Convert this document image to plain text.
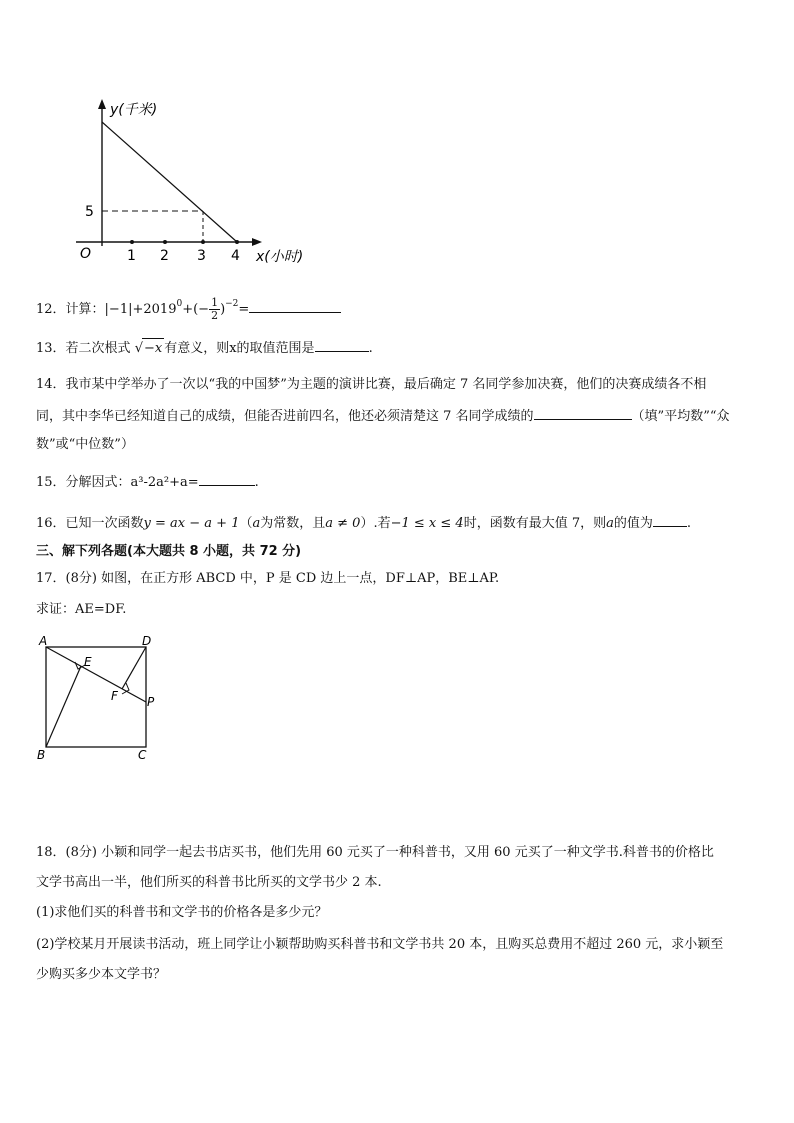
y(千米)
x(小时)
O	1 2 3 4
5
12．计算：$|-1|+2019^0+(- \frac{1}{2} )^{-2}=$
13．若二次根式 √−x 有意义，则x的取值范围是	.
14．我市某中学举办了一次以“我的中国梦”为主题的演讲比赛，最后确定 7 名同学参加决赛，他们的决赛成绩各不相
同，其中李华已经知道自己的成绩，但能否进前四名，他还必须清楚这 7 名同学成绩的	（填”平均数”“众
数”或“中位数”）
15．分解因式：a³-2a²+a=	.
16．已知一次函数y = ax − a + 1（a为常数，且a ≠ 0）.若−1 ≤ x ≤ 4时，函数有最大值 7，则a的值为	.
三、解下列各题(本大题共 8 小题，共 72 分)
17．(8分) 如图，在正方形 ABCD 中，P 是 CD 边上一点，DF⊥AP，BE⊥AP.
求证：AE=DF.
A	D
B	C
E
F P
18．(8分) 小颖和同学一起去书店买书，他们先用 60 元买了一种科普书，又用 60 元买了一种文学书.科普书的价格比
文学书高出一半，他们所买的科普书比所买的文学书少 2 本.
(1)求他们买的科普书和文学书的价格各是多少元？
(2)学校某月开展读书活动，班上同学让小颖帮助购买科普书和文学书共 20 本，且购买总费用不超过 260 元，求小颖至
少购买多少本文学书？
